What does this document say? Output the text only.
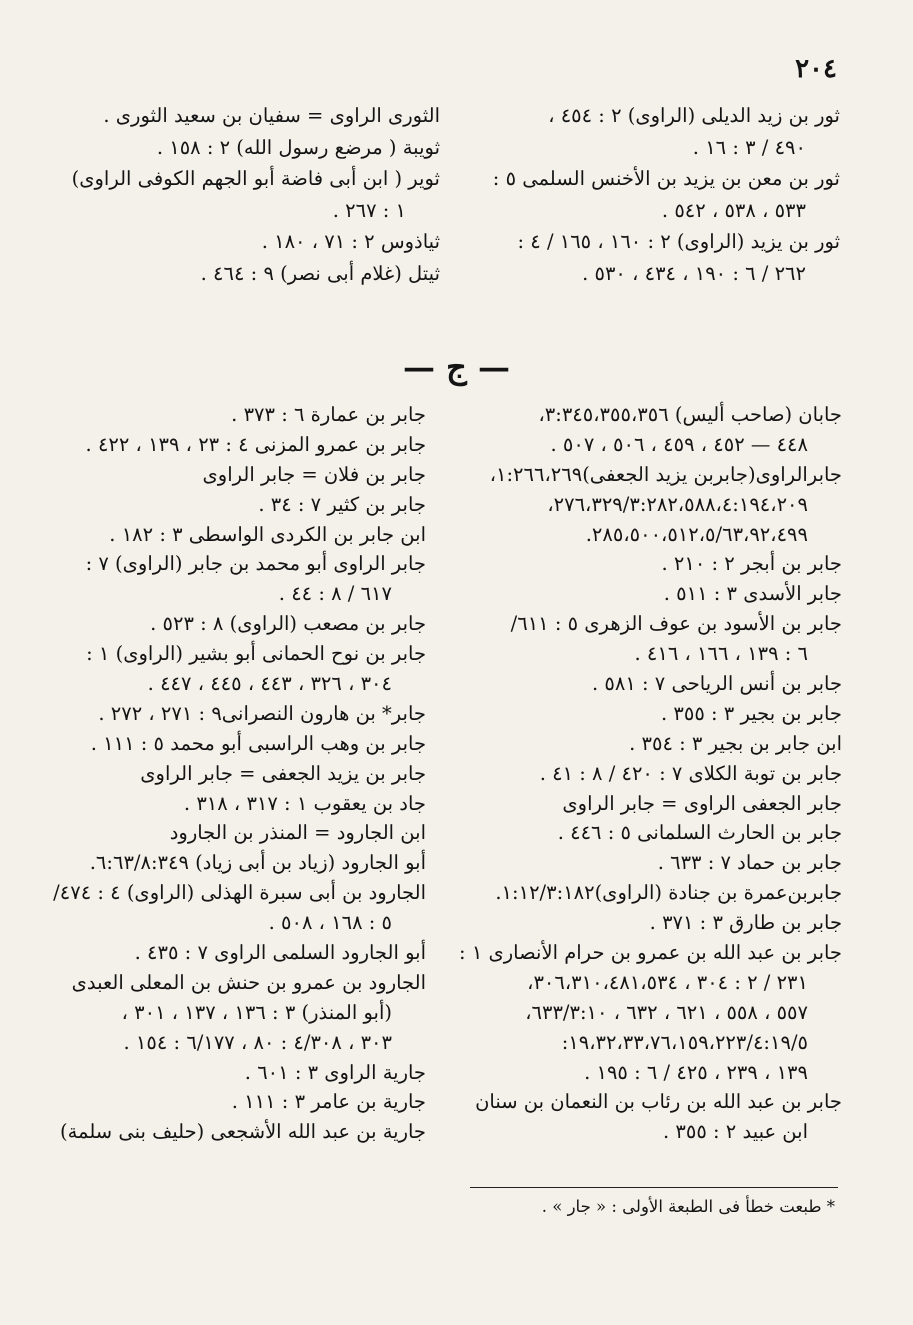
٢٠٤
ثور بن زيد الديلى (الراوى) ٢ : ٤٥٤ ،
٤٩٠ / ٣ : ١٦ .
ثور بن معن بن يزيد بن الأخنس السلمى ٥ :
٥٣٣ ، ٥٣٨ ، ٥٤٢ .
ثور بن يزيد (الراوى) ٢ : ١٦٠ ، ١٦٥ / ٤ :
٢٦٢ / ٦ : ١٩٠ ، ٤٣٤ ، ٥٣٠ .
الثورى الراوى = سفيان بن سعيد الثورى .
ثويبة ( مرضع رسول الله) ٢ : ١٥٨ .
ثوير ( ابن أبى فاضة أبو الجهم الكوفى الراوى)
١ : ٢٦٧ .
ثياذوس ٢ : ٧١ ، ١٨٠ .
ثيتل (غلام أبى نصر) ٩ : ٤٦٤ .
— ج —
جابان (صاحب أليس) ٣:٣٤٥،٣٥٥،٣٥٦،
٤٤٨ — ٤٥٢ ، ٤٥٩ ، ٥٠٦ ، ٥٠٧ .
جابرالراوى(جابربن يزيد الجعفى)١:٢٦٦،٢٦٩،
٢٧٦،٣٢٩/٣:٢٨٢،٥٨٨،٤:١٩٤،٢٠٩،
٢٨٥،٥٠٠،٥١٢،٥/٦٣،٩٢،٤٩٩.
جابر بن أبجر ٢ : ٢١٠ .
جابر الأسدى ٣ : ٥١١ .
جابر بن الأسود بن عوف الزهرى ٥ : ٦١١/
٦ : ١٣٩ ، ١٦٦ ، ٤١٦ .
جابر بن أنس الرياحى ٧ : ٥٨١ .
جابر بن بجير ٣ : ٣٥٥ .
ابن جابر بن بجير ٣ : ٣٥٤ .
جابر بن توبة الكلاى ٧ : ٤٢٠ / ٨ : ٤١ .
جابر الجعفى الراوى = جابر الراوى
جابر بن الحارث السلمانى ٥ : ٤٤٦ .
جابر بن حماد ٧ : ٦٣٣ .
جابربن‌عمرة بن جنادة (الراوى)١:١٢/٣:١٨٢.
جابر بن طارق ٣ : ٣٧١ .
جابر بن عبد الله بن عمرو بن حرام الأنصارى ١ :
٢٣١ / ٢ : ٣٠٤ ، ٣٠٦،٣١٠،٤٨١،٥٣٤،
٥٥٧ ، ٥٥٨ ، ٦٢١ ، ٦٣٢ ، ٦٣٣/٣:١٠،
١٩،٣٢،٣٣،٧٦،١٥٩،٢٢٣/٤:١٩/٥:
١٣٩ ، ٢٣٩ ، ٤٢٥ / ٦ : ١٩٥ .
جابر بن عبد الله بن رئاب بن النعمان بن سنان
ابن عبيد ٢ : ٣٥٥ .
جابر بن عمارة ٦ : ٣٧٣ .
جابر بن عمرو المزنى ٤ : ٢٣ ، ١٣٩ ، ٤٢٢ .
جابر بن فلان = جابر الراوى
جابر بن كثير ٧ : ٣٤ .
ابن جابر بن الكردى الواسطى ٣ : ١٨٢ .
جابر الراوى أبو محمد بن جابر (الراوى) ٧ :
٦١٧ / ٨ : ٤٤ .
جابر بن مصعب (الراوى) ٨ : ٥٢٣ .
جابر بن نوح الحمانى أبو بشير (الراوى) ١ :
٣٠٤ ، ٣٢٦ ، ٤٤٣ ، ٤٤٥ ، ٤٤٧ .
جابر* بن هارون النصرانى٩ : ٢٧١ ، ٢٧٢ .
جابر بن وهب الراسبى أبو محمد ٥ : ١١١ .
جابر بن يزيد الجعفى = جابر الراوى
جاد بن يعقوب ١ : ٣١٧ ، ٣١٨ .
ابن الجارود = المنذر بن الجارود
أبو الجارود (زياد بن أبى زياد) ٦:٦٣/٨:٣٤٩.
الجارود بن أبى سبرة الهذلى (الراوى) ٤ : ٤٧٤/
٥ : ١٦٨ ، ٥٠٨ .
أبو الجارود السلمى الراوى ٧ : ٤٣٥ .
الجارود بن عمرو بن حنش بن المعلى العبدى
(أبو المنذر) ٣ : ١٣٦ ، ١٣٧ ، ٣٠١ ،
٣٠٣ ، ٤/٣٠٨ : ٨٠ ، ٦/١٧٧ : ١٥٤ .
جارية الراوى ٣ : ٦٠١ .
جارية بن عامر ٣ : ١١١ .
جارية بن عبد الله الأشجعى (حليف بنى سلمة)
* طبعت خطأ فى الطبعة الأولى : « جار » .
